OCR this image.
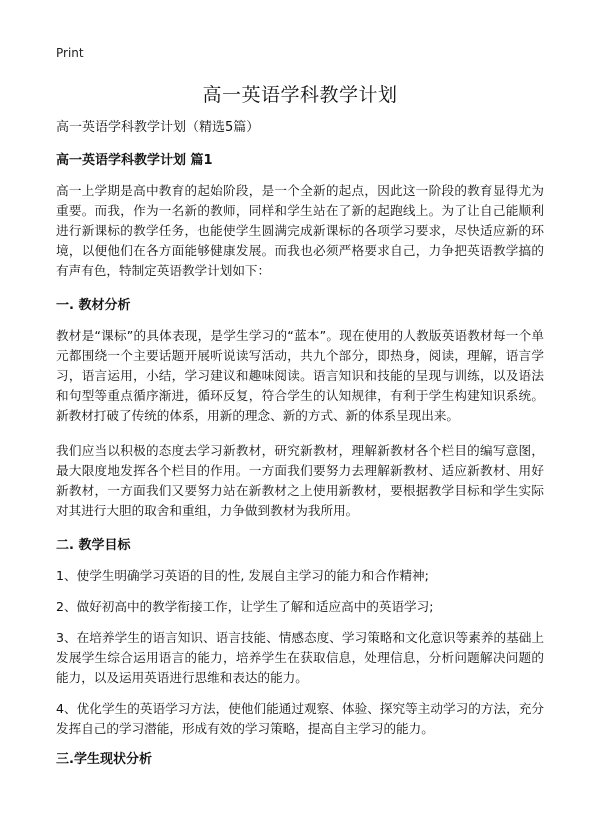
Print
高一英语学科教学计划

高一英语学科教学计划（精选5篇）

高一英语学科教学计划 篇1

高一上学期是高中教育的起始阶段，是一个全新的起点，因此这一阶段的教育显得尤为重要。而我，作为一名新的教师，同样和学生站在了新的起跑线上。为了让自己能顺利进行新课标的教学任务，也能使学生圆满完成新课标的各项学习要求，尽快适应新的环境，以便他们在各方面能够健康发展。而我也必须严格要求自己，力争把英语教学搞的有声有色，特制定英语教学计划如下：

一. 教材分析

教材是“课标”的具体表现，是学生学习的“蓝本”。现在使用的人教版英语教材每一个单元都围绕一个主要话题开展听说读写活动，共九个部分，即热身，阅读，理解，语言学习，语言运用，小结，学习建议和趣味阅读。语言知识和技能的呈现与训练，以及语法和句型等重点循序渐进，循环反复，符合学生的认知规律，有利于学生构建知识系统。新教材打破了传统的体系，用新的理念、新的方式、新的体系呈现出来。

我们应当以积极的态度去学习新教材，研究新教材，理解新教材各个栏目的编写意图，最大限度地发挥各个栏目的作用。一方面我们要努力去理解新教材、适应新教材、用好新教材，一方面我们又要努力站在新教材之上使用新教材，要根据教学目标和学生实际对其进行大胆的取舍和重组，力争做到教材为我所用。

二. 教学目标

1、使学生明确学习英语的目的性, 发展自主学习的能力和合作精神;

2、做好初高中的教学衔接工作，让学生了解和适应高中的英语学习;

3、在培养学生的语言知识、语言技能、情感态度、学习策略和文化意识等素养的基础上发展学生综合运用语言的能力，培养学生在获取信息，处理信息，分析问题解决问题的能力，以及运用英语进行思维和表达的能力。

4、优化学生的英语学习方法，使他们能通过观察、体验、探究等主动学习的方法，充分发挥自己的学习潜能，形成有效的学习策略，提高自主学习的能力。

三.学生现状分析
